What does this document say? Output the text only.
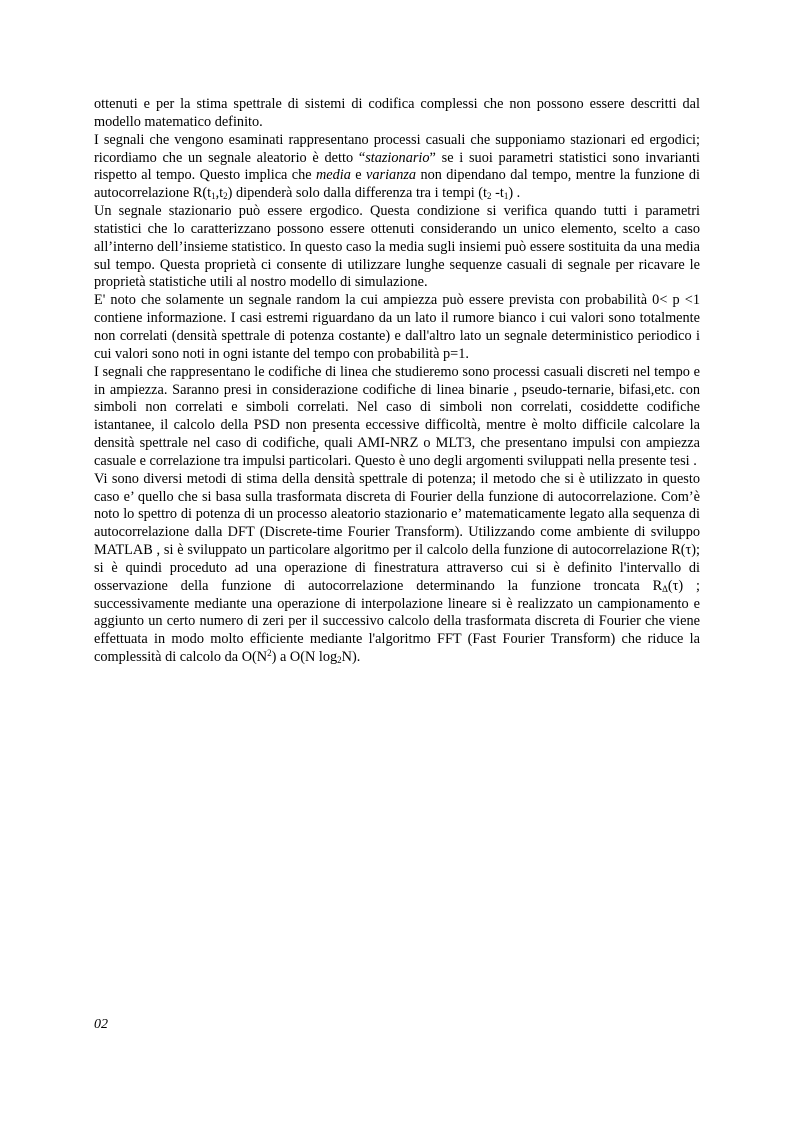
ottenuti e per la stima spettrale di sistemi di codifica complessi che non possono essere descritti dal modello matematico definito.

I segnali che vengono esaminati rappresentano processi casuali che supponiamo stazionari ed ergodici; ricordiamo che un segnale aleatorio è detto “stazionario” se i suoi parametri statistici sono invarianti rispetto al tempo. Questo implica che media e varianza non dipendano dal tempo, mentre la funzione di autocorrelazione $R(t_1,t_2)$ dipenderà solo dalla differenza tra i tempi ($t_2$ $-t_1$) .

Un segnale stazionario può essere ergodico. Questa condizione si verifica quando tutti i parametri statistici che lo caratterizzano possono essere ottenuti considerando un unico elemento, scelto a caso all’interno dell’insieme statistico. In questo caso la media sugli insiemi può essere sostituita da una media sul tempo. Questa proprietà ci consente di utilizzare lunghe sequenze casuali di segnale per ricavare le proprietà statistiche utili al nostro modello di simulazione.

E' noto che solamente un segnale random la cui ampiezza può essere prevista con probabilità 0< p <1 contiene informazione. I casi estremi riguardano da un lato il rumore bianco i cui valori sono totalmente non correlati (densità spettrale di potenza costante) e dall'altro lato un segnale deterministico periodico i cui valori sono noti in ogni istante del tempo con probabilità p=1.

I segnali che rappresentano le codifiche di linea che studieremo sono processi casuali discreti nel tempo e in ampiezza. Saranno presi in considerazione codifiche di linea binarie , pseudo-ternarie, bifasi,etc. con simboli non correlati e simboli correlati. Nel caso di simboli non correlati, cosiddette codifiche istantanee, il calcolo della PSD non presenta eccessive difficoltà, mentre è molto difficile calcolare la densità spettrale nel caso di codifiche, quali AMI-NRZ o MLT3, che presentano impulsi con ampiezza casuale e correlazione tra impulsi particolari. Questo è uno degli argomenti sviluppati nella presente tesi .

Vi sono diversi metodi di stima della densità spettrale di potenza; il metodo che si è utilizzato in questo caso e’ quello che si basa sulla trasformata discreta di Fourier della funzione di autocorrelazione. Com’è noto lo spettro di potenza di un processo aleatorio stazionario e’ matematicamente legato alla sequenza di autocorrelazione dalla DFT (Discrete-time Fourier Transform). Utilizzando come ambiente di sviluppo MATLAB , si è sviluppato un particolare algoritmo per il calcolo della funzione di autocorrelazione R(τ); si è quindi proceduto ad una operazione di finestratura attraverso cui si è definito l'intervallo di osservazione della funzione di autocorrelazione determinando la funzione troncata $R_\Delta(\tau)$ ; successivamente mediante una operazione di interpolazione lineare si è realizzato un campionamento e aggiunto un certo numero di zeri per il successivo calcolo della trasformata discreta di Fourier che viene effettuata in modo molto efficiente mediante l'algoritmo FFT (Fast Fourier Transform) che riduce la complessità di calcolo da $O(N^2)$ a O(N $\log_2N$).

02
